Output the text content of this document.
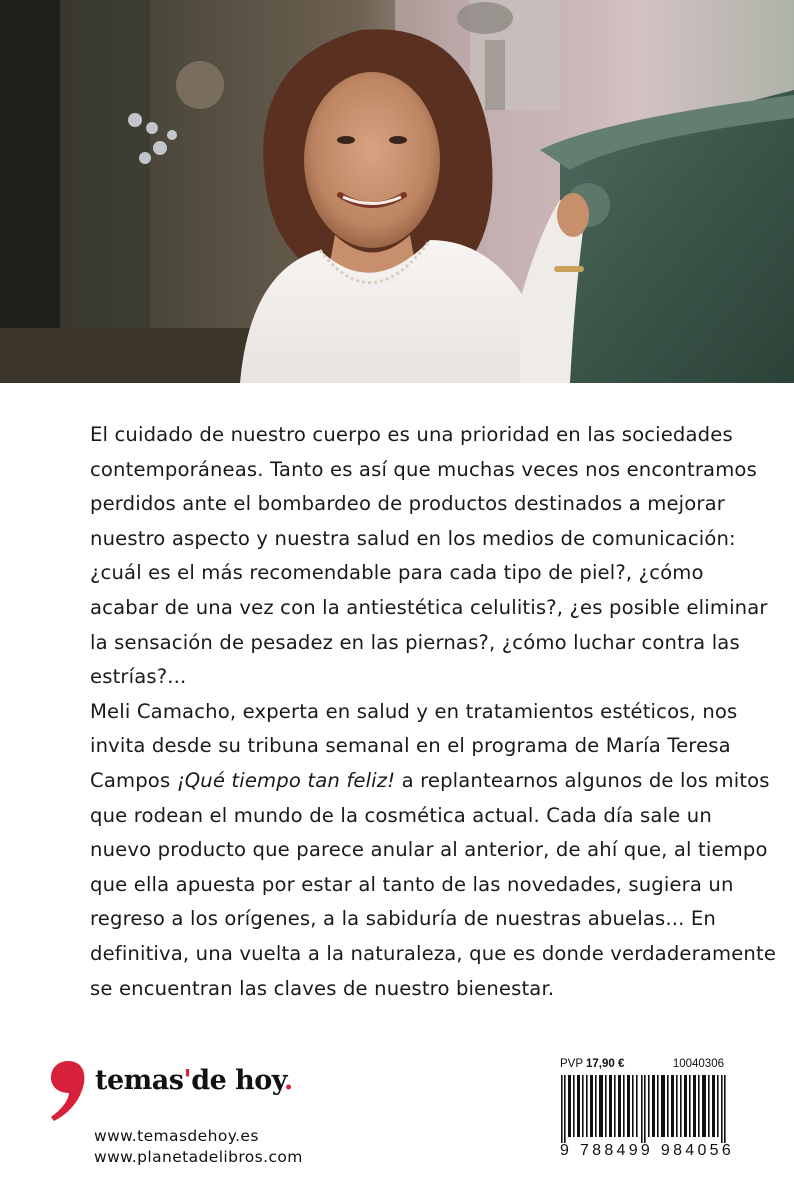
El cuidado de nuestro cuerpo es una prioridad en las sociedades
contemporáneas. Tanto es así que muchas veces nos encontramos
perdidos ante el bombardeo de productos destinados a mejorar
nuestro aspecto y nuestra salud en los medios de comunicación:
¿cuál es el más recomendable para cada tipo de piel?, ¿cómo
acabar de una vez con la antiestética celulitis?, ¿es posible eliminar
la sensación de pesadez en las piernas?, ¿cómo luchar contra las
estrías?...
Meli Camacho, experta en salud y en tratamientos estéticos, nos
invita desde su tribuna semanal en el programa de María Teresa
Campos ¡Qué tiempo tan feliz! a replantearnos algunos de los mitos
que rodean el mundo de la cosmética actual. Cada día sale un
nuevo producto que parece anular al anterior, de ahí que, al tiempo
que ella apuesta por estar al tanto de las novedades, sugiera un
regreso a los orígenes, a la sabiduría de nuestras abuelas... En
definitiva, una vuelta a la naturaleza, que es donde verdaderamente
se encuentran las claves de nuestro bienestar.
temas'de hoy.
www.temasdehoy.es
www.planetadelibros.com
PVP 17,90 €	10040306
9 788499 984056
